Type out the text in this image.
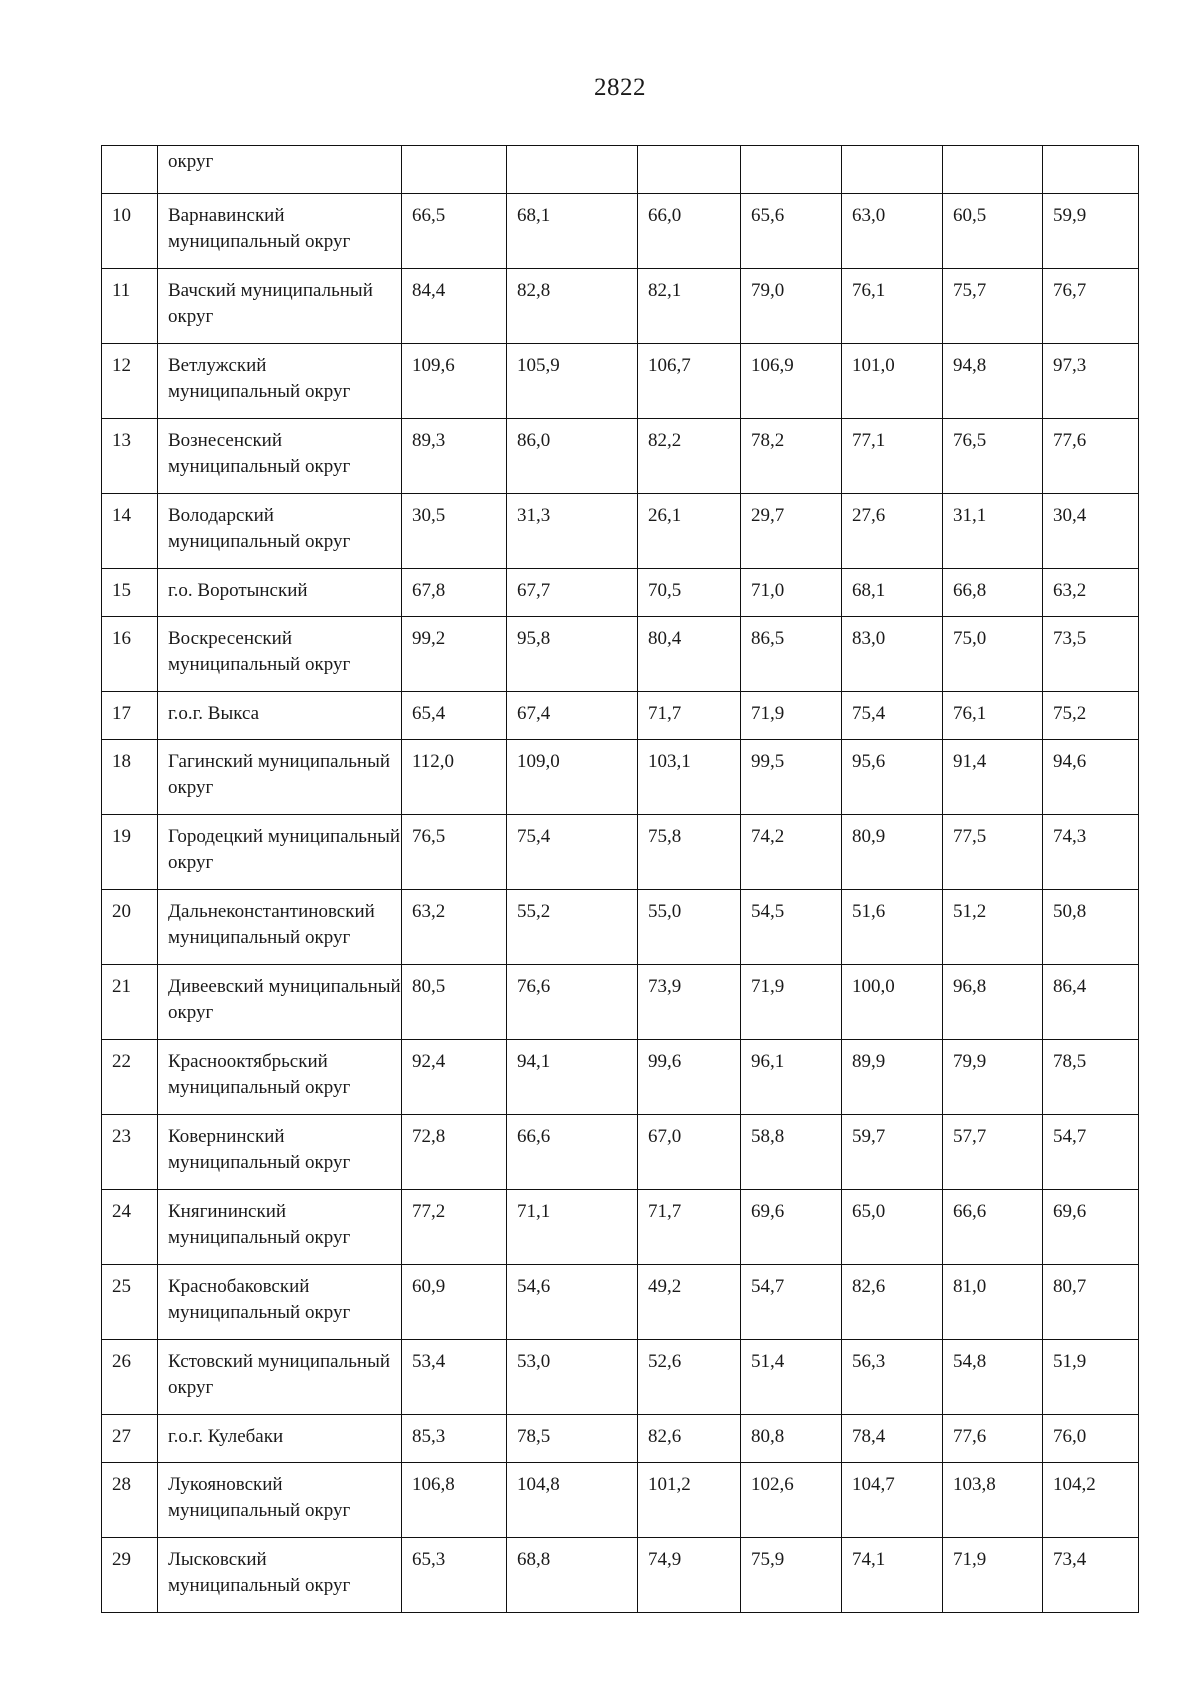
2822
	округ							
10	Варнавинский муниципальный округ	66,5	68,1	66,0	65,6	63,0	60,5	59,9
11	Вачский муниципальный округ	84,4	82,8	82,1	79,0	76,1	75,7	76,7
12	Ветлужский муниципальный округ	109,6	105,9	106,7	106,9	101,0	94,8	97,3
13	Вознесенский муниципальный округ	89,3	86,0	82,2	78,2	77,1	76,5	77,6
14	Володарский муниципальный округ	30,5	31,3	26,1	29,7	27,6	31,1	30,4
15	г.о. Воротынский	67,8	67,7	70,5	71,0	68,1	66,8	63,2
16	Воскресенский муниципальный округ	99,2	95,8	80,4	86,5	83,0	75,0	73,5
17	г.о.г. Выкса	65,4	67,4	71,7	71,9	75,4	76,1	75,2
18	Гагинский муниципальный округ	112,0	109,0	103,1	99,5	95,6	91,4	94,6
19	Городецкий муниципальный округ	76,5	75,4	75,8	74,2	80,9	77,5	74,3
20	Дальнеконстантиновский муниципальный округ	63,2	55,2	55,0	54,5	51,6	51,2	50,8
21	Дивеевский муниципальный округ	80,5	76,6	73,9	71,9	100,0	96,8	86,4
22	Краснооктябрьский муниципальный округ	92,4	94,1	99,6	96,1	89,9	79,9	78,5
23	Ковернинский муниципальный округ	72,8	66,6	67,0	58,8	59,7	57,7	54,7
24	Княгининский муниципальный округ	77,2	71,1	71,7	69,6	65,0	66,6	69,6
25	Краснобаковский муниципальный округ	60,9	54,6	49,2	54,7	82,6	81,0	80,7
26	Кстовский муниципальный округ	53,4	53,0	52,6	51,4	56,3	54,8	51,9
27	г.о.г. Кулебаки	85,3	78,5	82,6	80,8	78,4	77,6	76,0
28	Лукояновский муниципальный округ	106,8	104,8	101,2	102,6	104,7	103,8	104,2
29	Лысковский муниципальный округ	65,3	68,8	74,9	75,9	74,1	71,9	73,4
